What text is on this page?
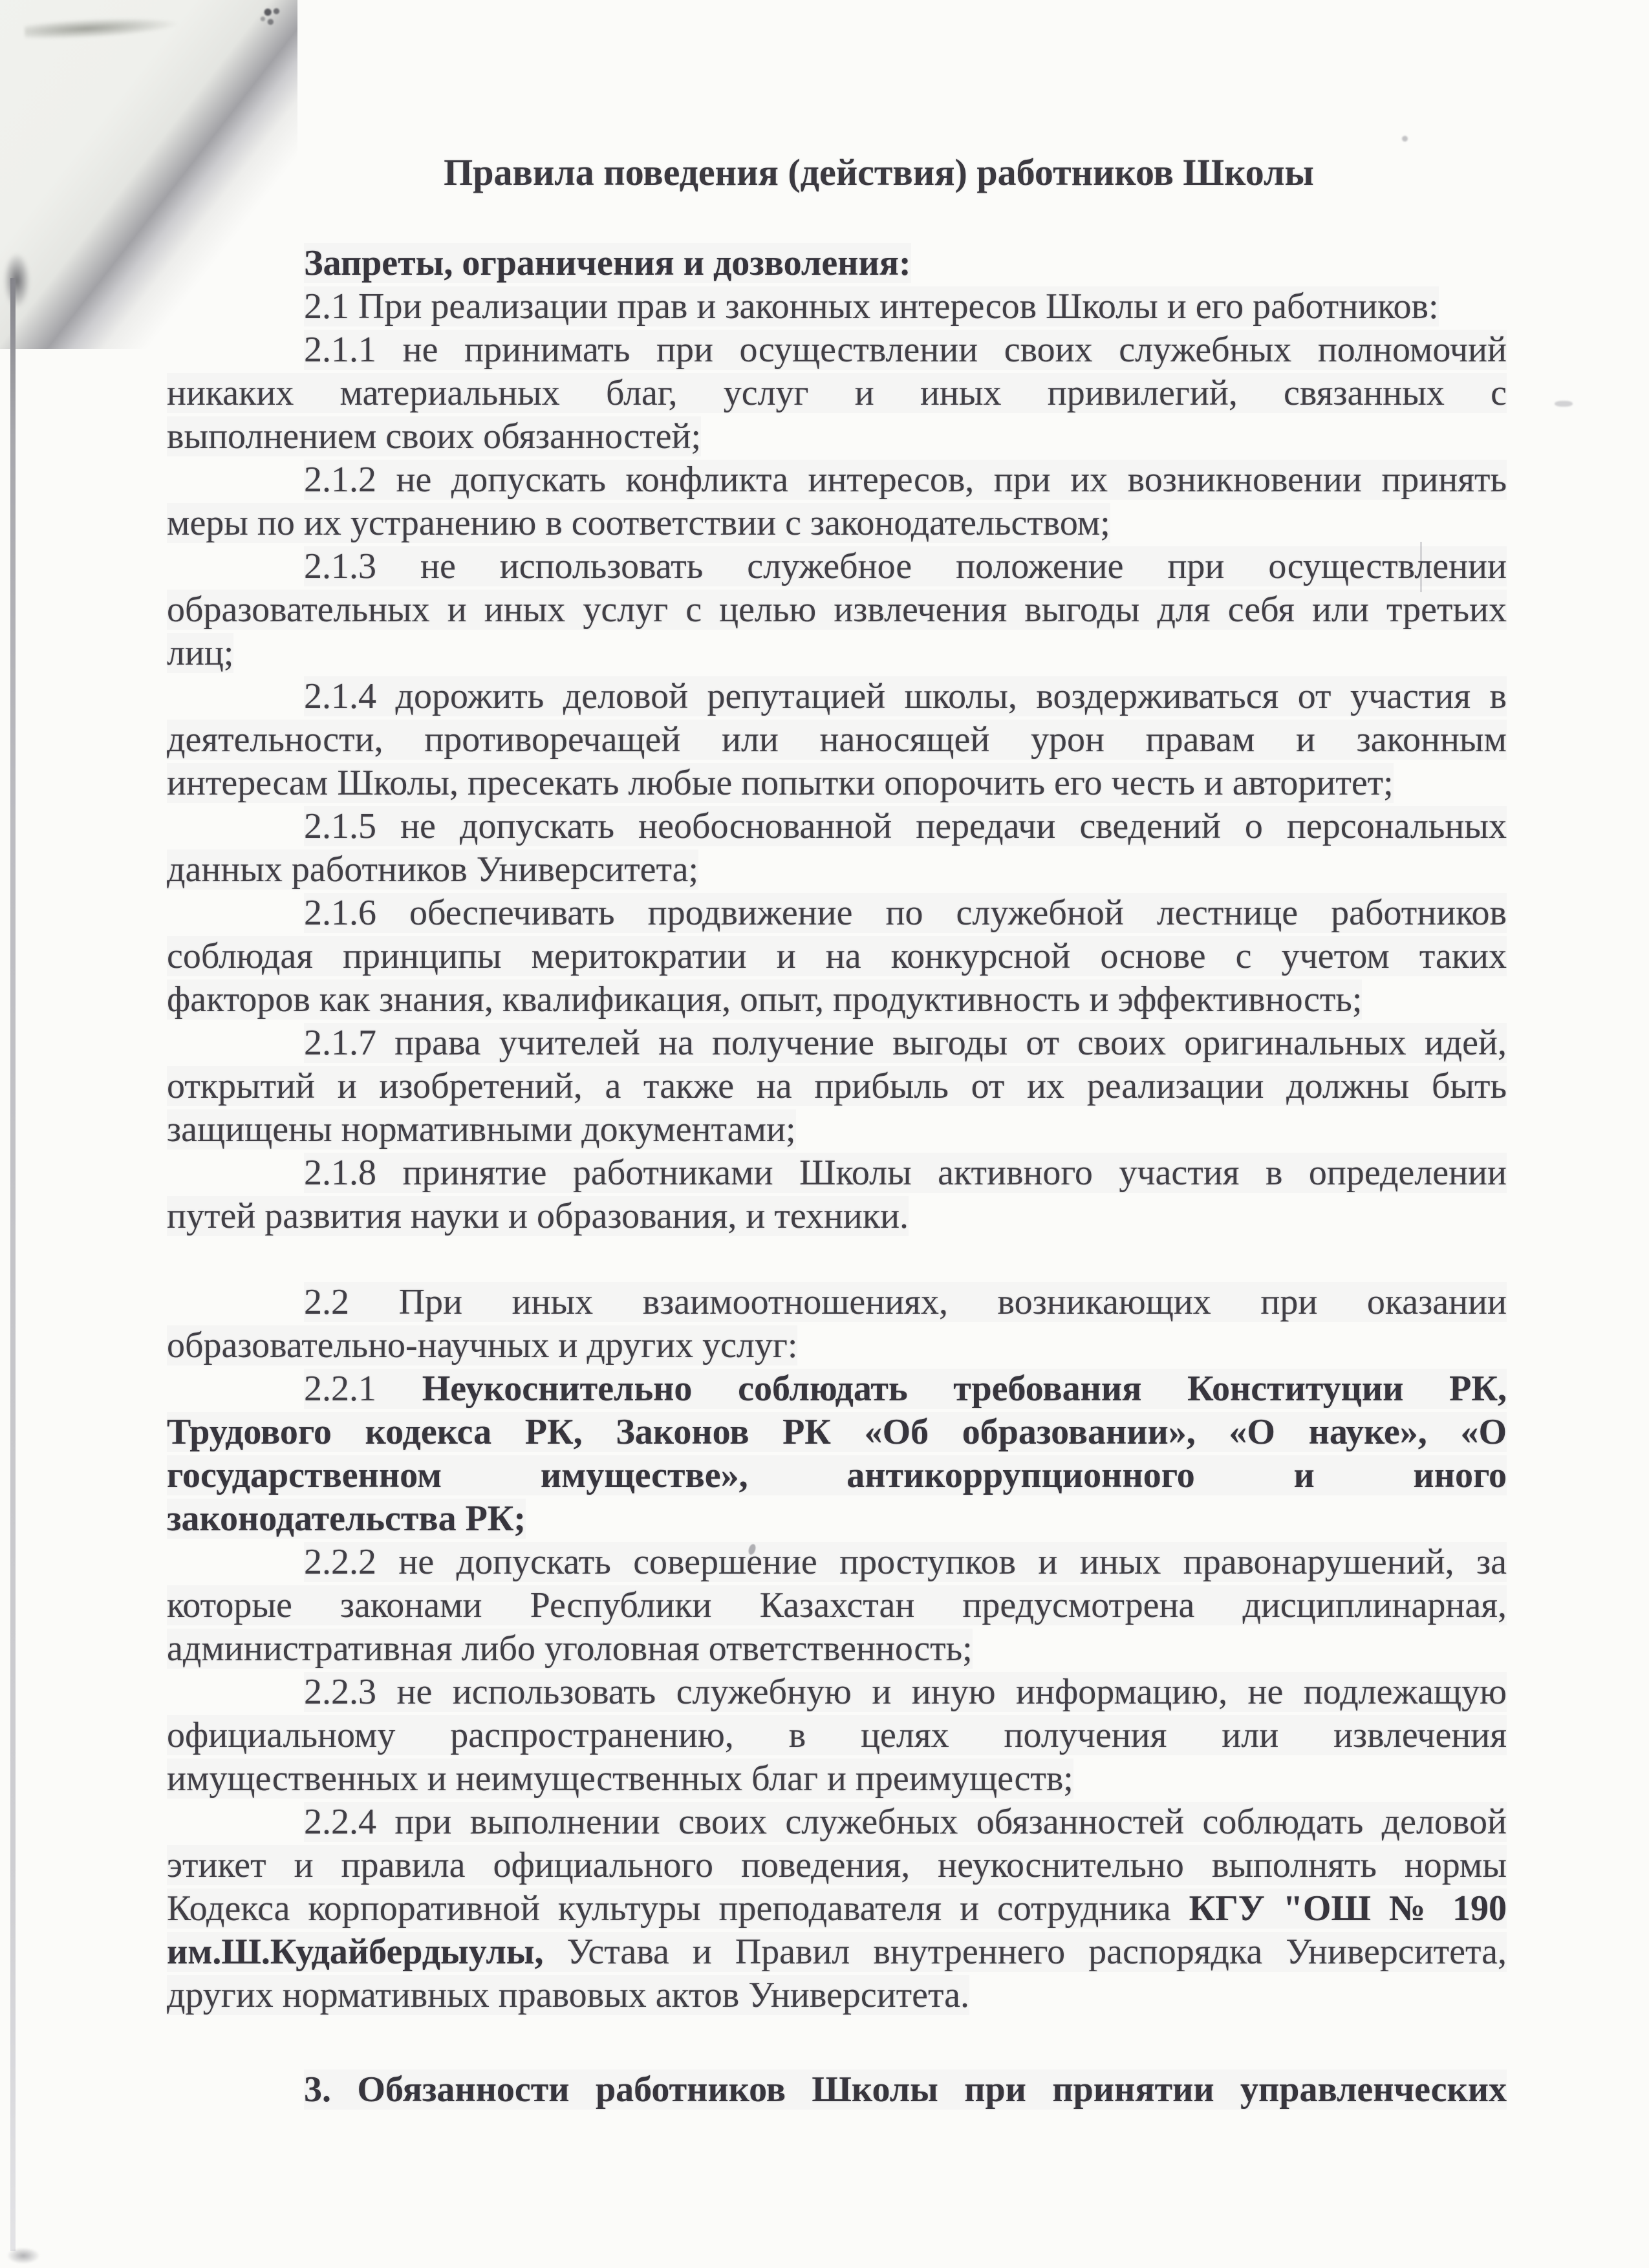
Правила поведения (действия) работников Школы
Запреты, ограничения и дозволения:
2.1 При реализации прав и законных интересов Школы и его работников:
2.1.1 не принимать при осуществлении своих служебных полномочий
никаких материальных благ, услуг и иных привилегий, связанных с
выполнением своих обязанностей;
2.1.2 не допускать конфликта интересов, при их возникновении принять
меры по их устранению в соответствии с законодательством;
2.1.3 не использовать служебное положение при осуществлении
образовательных и иных услуг с целью извлечения выгоды для себя или третьих
лиц;
2.1.4 дорожить деловой репутацией школы, воздерживаться от участия в
деятельности, противоречащей или наносящей урон правам и законным
интересам Школы, пресекать любые попытки опорочить его честь и авторитет;
2.1.5 не допускать необоснованной передачи сведений о персональных
данных работников Университета;
2.1.6 обеспечивать продвижение по служебной лестнице работников
соблюдая принципы меритократии и на конкурсной основе с учетом таких
факторов как знания, квалификация, опыт, продуктивность и эффективность;
2.1.7 права учителей на получение выгоды от своих оригинальных идей,
открытий и изобретений, а также на прибыль от их реализации должны быть
защищены нормативными документами;
2.1.8 принятие работниками Школы активного участия в определении
путей развития науки и образования, и техники.
2.2 При иных взаимоотношениях, возникающих при оказании
образовательно-научных и других услуг:
2.2.1 Неукоснительно соблюдать требования Конституции РК,
Трудового кодекса РК, Законов РК «Об образовании», «О науке», «О
государственном имуществе», антикоррупционного и иного
законодательства РК;
2.2.2 не допускать совершение проступков и иных правонарушений, за
которые законами Республики Казахстан предусмотрена дисциплинарная,
административная либо уголовная ответственность;
2.2.3 не использовать служебную и иную информацию, не подлежащую
официальному распространению, в целях получения или извлечения
имущественных и неимущественных благ и преимуществ;
2.2.4 при выполнении своих служебных обязанностей соблюдать деловой
этикет и правила официального поведения, неукоснительно выполнять нормы
Кодекса корпоративной культуры преподавателя и сотрудника КГУ "ОШ № 190
им.Ш.Кудайбердыулы, Устава и Правил внутреннего распорядка Университета,
других нормативных правовых актов Университета.
3. Обязанности работников Школы при принятии управленческих
